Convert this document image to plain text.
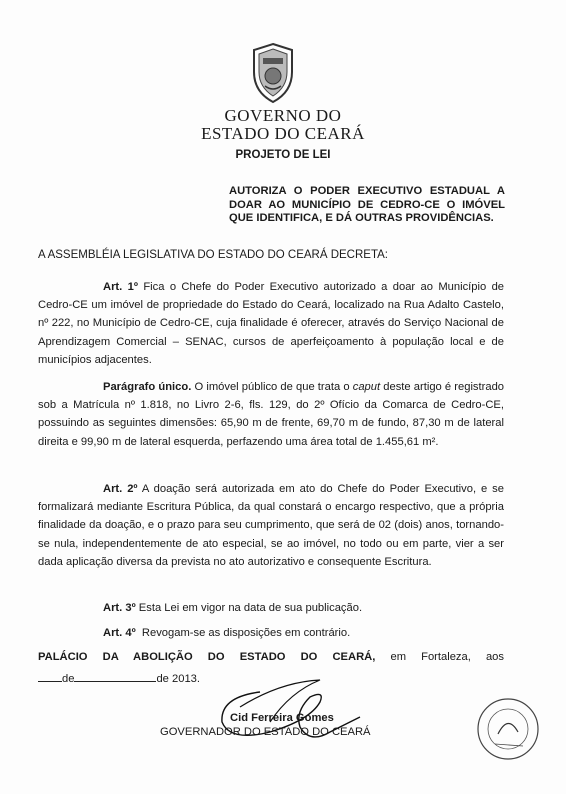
GOVERNO DO
ESTADO DO CEARÁ
PROJETO DE LEI
AUTORIZA O PODER EXECUTIVO ESTADUAL A DOAR AO MUNICÍPIO DE CEDRO-CE O IMÓVEL QUE IDENTIFICA, E DÁ OUTRAS PROVIDÊNCIAS.
A ASSEMBLÉIA LEGISLATIVA DO ESTADO DO CEARÁ DECRETA:
Art. 1º Fica o Chefe do Poder Executivo autorizado a doar ao Município de Cedro-CE um imóvel de propriedade do Estado do Ceará, localizado na Rua Adalto Castelo, nº 222, no Município de Cedro-CE, cuja finalidade é oferecer, através do Serviço Nacional de Aprendizagem Comercial – SENAC, cursos de aperfeiçoamento à população local e de municípios adjacentes.
Parágrafo único. O imóvel público de que trata o caput deste artigo é registrado sob a Matrícula nº 1.818, no Livro 2-6, fls. 129, do 2º Ofício da Comarca de Cedro-CE, possuindo as seguintes dimensões: 65,90 m de frente, 69,70 m de fundo, 87,30 m de lateral direita e 99,90 m de lateral esquerda, perfazendo uma área total de 1.455,61 m².
Art. 2º A doação será autorizada em ato do Chefe do Poder Executivo, e se formalizará mediante Escritura Pública, da qual constará o encargo respectivo, que a própria finalidade da doação, e o prazo para seu cumprimento, que será de 02 (dois) anos, tornando-se nula, independentemente de ato especial, se ao imóvel, no todo ou em parte, vier a ser dada aplicação diversa da prevista no ato autorizativo e consequente Escritura.
Art. 3º Esta Lei em vigor na data de sua publicação.
Art. 4º Revogam-se as disposições em contrário.
PALÁCIO DA ABOLIÇÃO DO ESTADO DO CEARÁ, em Fortaleza, aos
de	de 2013.
Cid Ferreira Gomes
GOVERNADOR DO ESTADO DO CEARÁ
